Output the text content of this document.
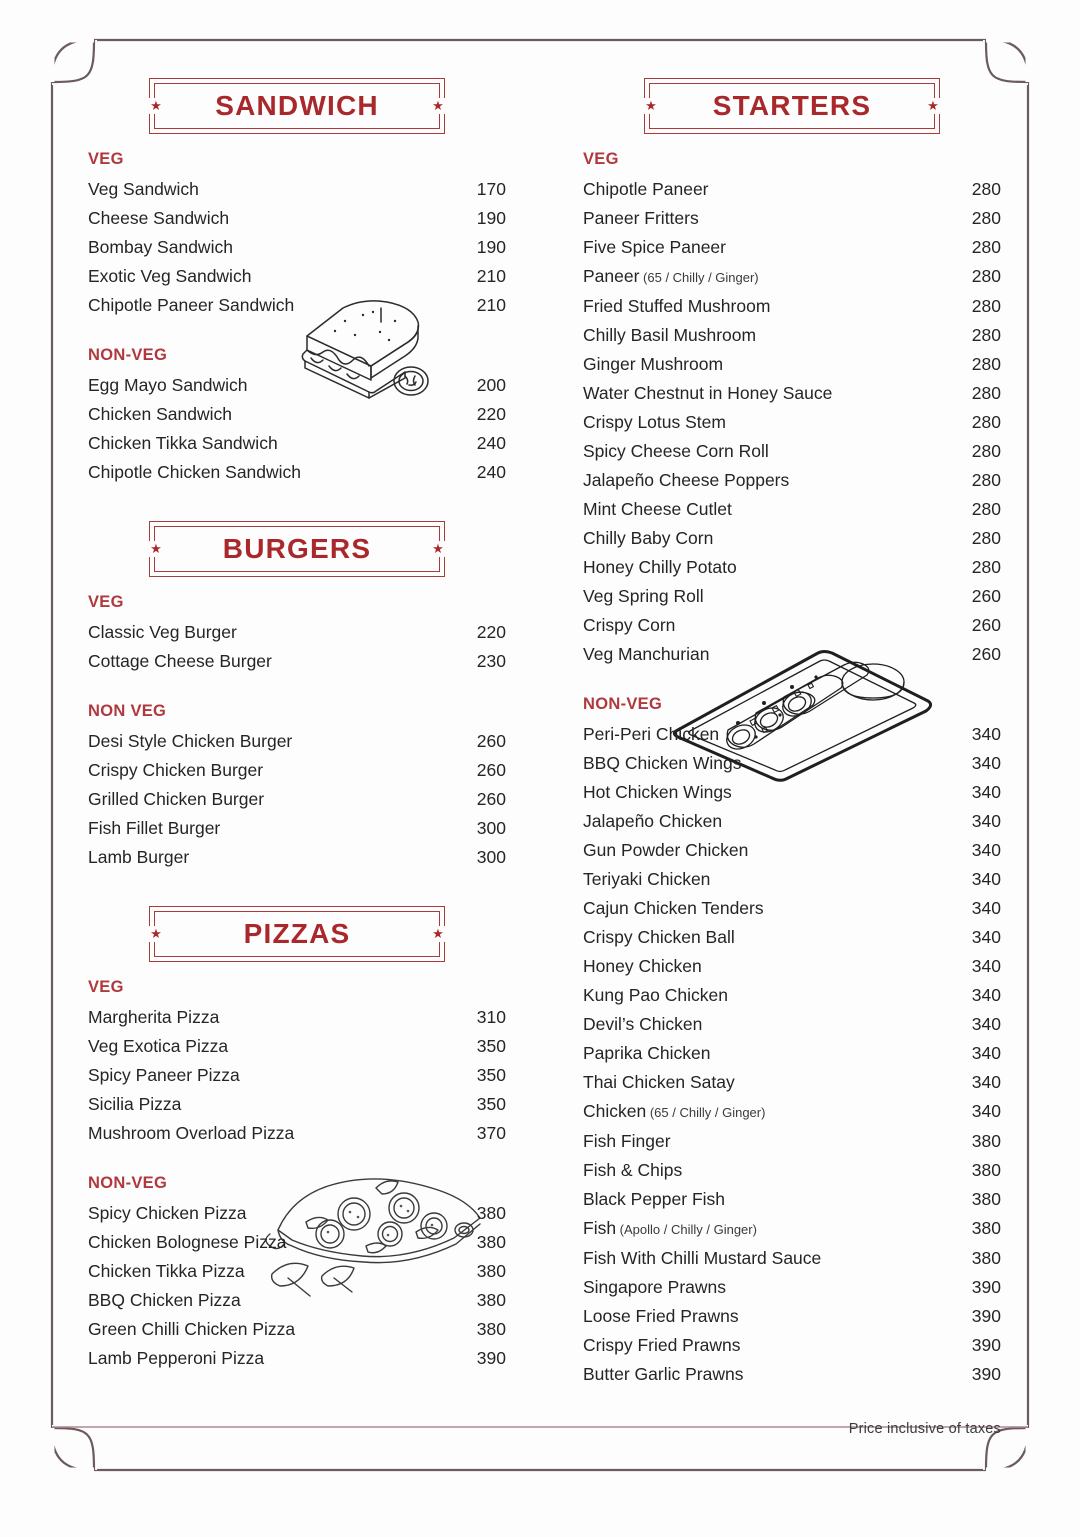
★	★
SANDWICH
VEG
Veg Sandwich	170
Cheese Sandwich	190
Bombay Sandwich	190
Exotic Veg Sandwich	210
Chipotle Paneer Sandwich	210
NON-VEG
Egg Mayo Sandwich	200
Chicken Sandwich	220
Chicken Tikka Sandwich	240
Chipotle Chicken Sandwich	240
★	★
BURGERS
VEG
Classic Veg Burger	220
Cottage Cheese Burger	230
NON VEG
Desi Style Chicken Burger	260
Crispy Chicken Burger	260
Grilled Chicken Burger	260
Fish Fillet Burger	300
Lamb Burger	300
★	★
PIZZAS
VEG
Margherita Pizza	310
Veg Exotica Pizza	350
Spicy Paneer Pizza	350
Sicilia Pizza	350
Mushroom Overload Pizza	370
NON-VEG
Spicy Chicken Pizza	380
Chicken Bolognese Pizza	380
Chicken Tikka Pizza	380
BBQ Chicken Pizza	380
Green Chilli Chicken Pizza	380
Lamb Pepperoni Pizza	390
★	★
STARTERS
VEG
Chipotle Paneer	280
Paneer Fritters	280
Five Spice Paneer	280
Paneer (65 / Chilly / Ginger)	280
Fried Stuffed Mushroom	280
Chilly Basil Mushroom	280
Ginger Mushroom	280
Water Chestnut in Honey Sauce	280
Crispy Lotus Stem	280
Spicy Cheese Corn Roll	280
Jalapeño Cheese Poppers	280
Mint Cheese Cutlet	280
Chilly Baby Corn	280
Honey Chilly Potato	280
Veg Spring Roll	260
Crispy Corn	260
Veg Manchurian	260
NON-VEG
Peri-Peri Chicken	340
BBQ Chicken Wings	340
Hot Chicken Wings	340
Jalapeño Chicken	340
Gun Powder Chicken	340
Teriyaki Chicken	340
Cajun Chicken Tenders	340
Crispy Chicken Ball	340
Honey Chicken	340
Kung Pao Chicken	340
Devil’s Chicken	340
Paprika Chicken	340
Thai Chicken Satay	340
Chicken (65 / Chilly / Ginger)	340
Fish Finger	380
Fish & Chips	380
Black Pepper Fish	380
Fish (Apollo / Chilly / Ginger)	380
Fish With Chilli Mustard Sauce	380
Singapore Prawns	390
Loose Fried Prawns	390
Crispy Fried Prawns	390
Butter Garlic Prawns	390
Price inclusive of taxes
